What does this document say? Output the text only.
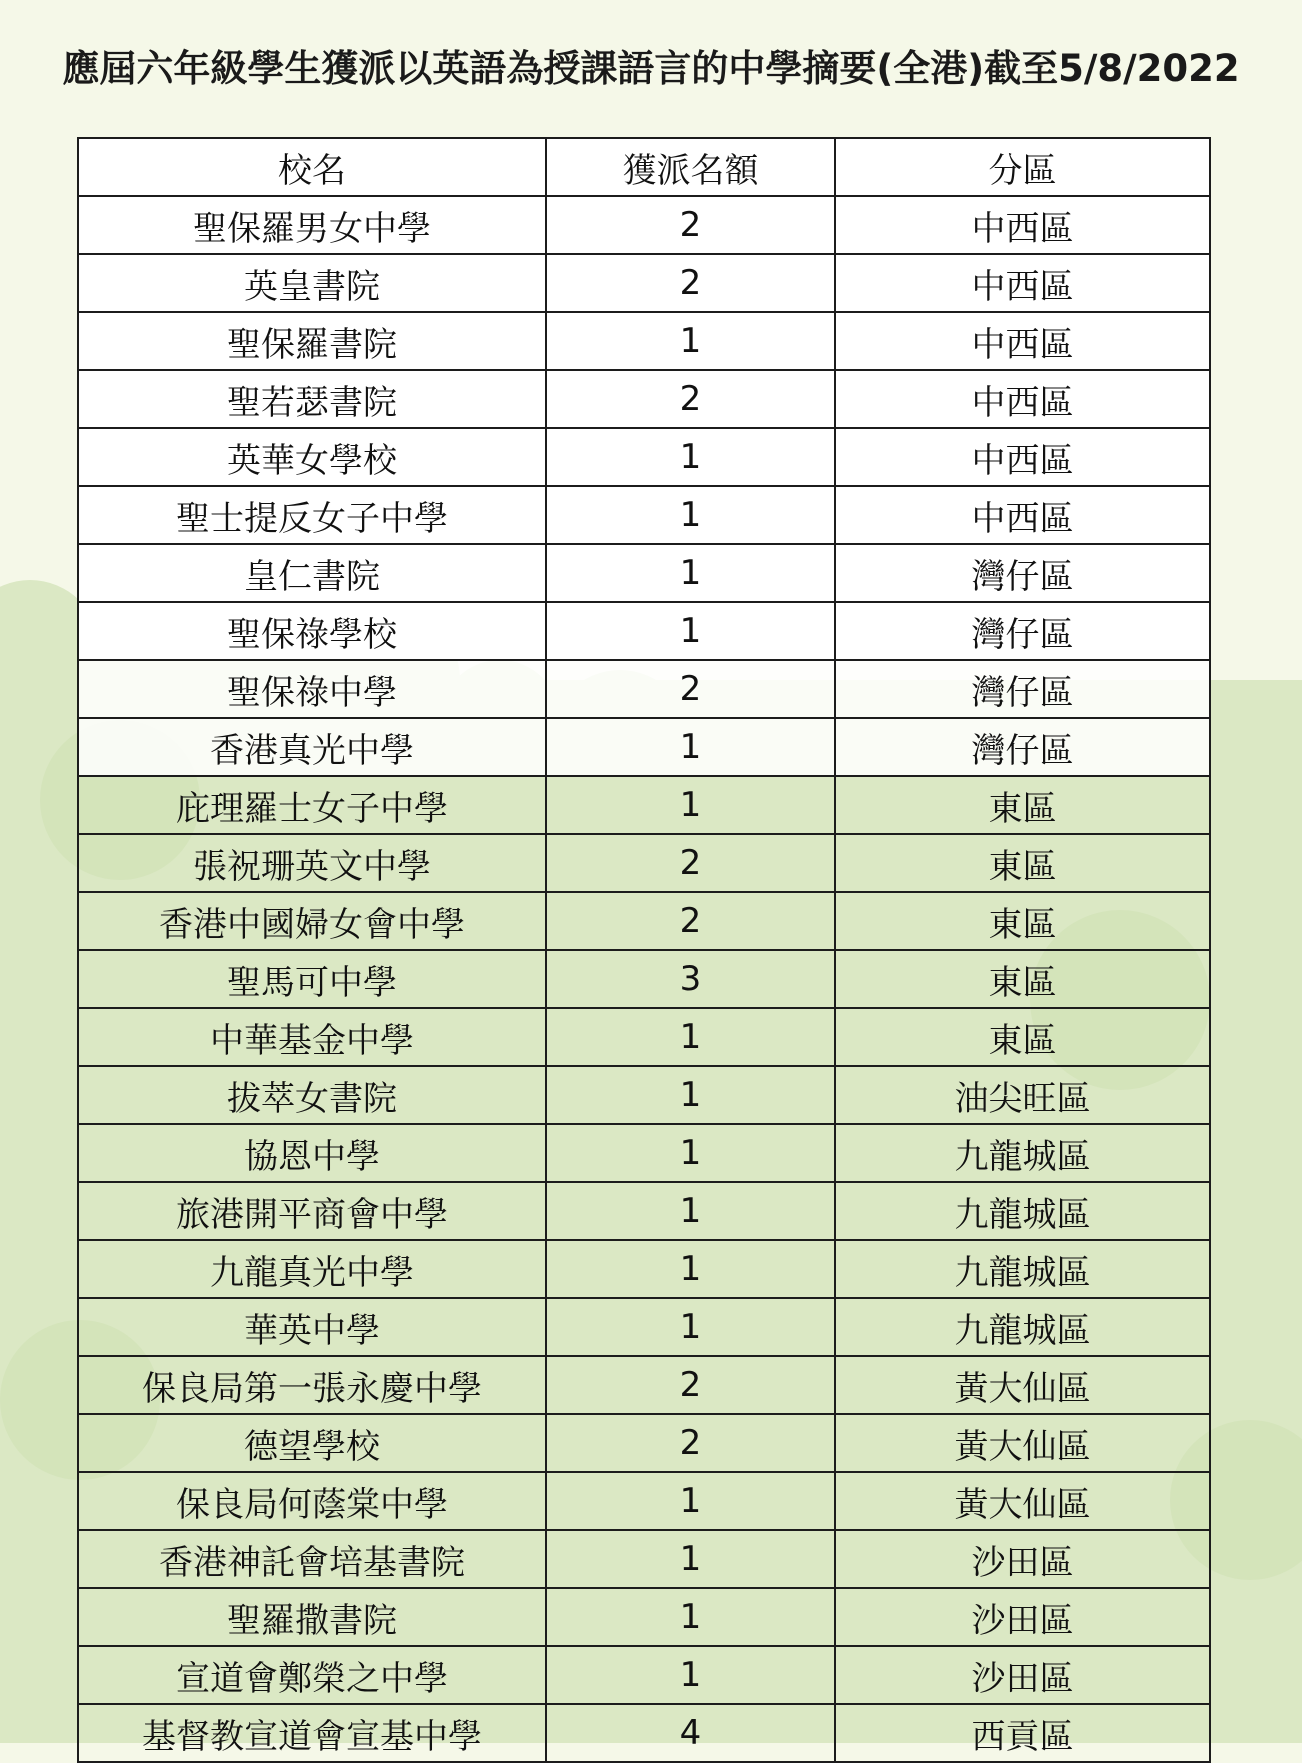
應屆六年級學生獲派以英語為授課語言的中學摘要(全港)截至5/8/2022
校名	獲派名額	分區
聖保羅男女中學	2	中西區
英皇書院	2	中西區
聖保羅書院	1	中西區
聖若瑟書院	2	中西區
英華女學校	1	中西區
聖士提反女子中學	1	中西區
皇仁書院	1	灣仔區
聖保祿學校	1	灣仔區
聖保祿中學	2	灣仔區
香港真光中學	1	灣仔區
庇理羅士女子中學	1	東區
張祝珊英文中學	2	東區
香港中國婦女會中學	2	東區
聖馬可中學	3	東區
中華基金中學	1	東區
拔萃女書院	1	油尖旺區
協恩中學	1	九龍城區
旅港開平商會中學	1	九龍城區
九龍真光中學	1	九龍城區
華英中學	1	九龍城區
保良局第一張永慶中學	2	黃大仙區
德望學校	2	黃大仙區
保良局何蔭棠中學	1	黃大仙區
香港神託會培基書院	1	沙田區
聖羅撒書院	1	沙田區
宣道會鄭榮之中學	1	沙田區
基督教宣道會宣基中學	4	西貢區
